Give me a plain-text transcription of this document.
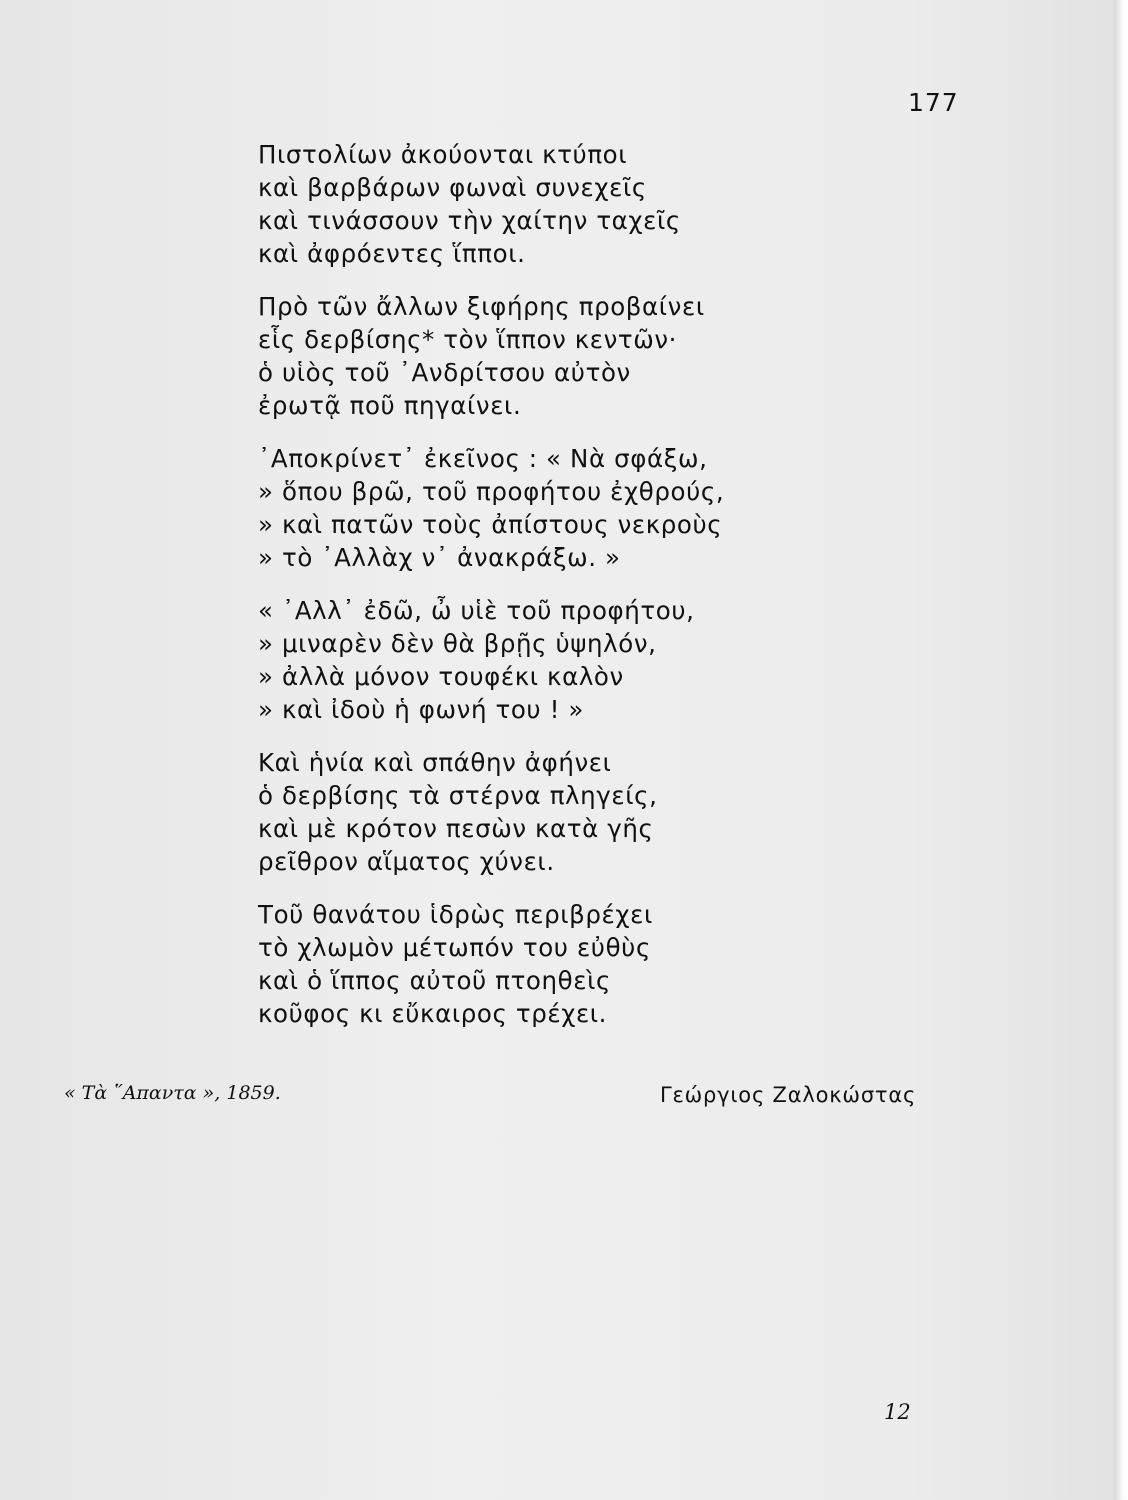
177
Πιστολίων ἀκούονται κτύποι
καὶ βαρβάρων φωναὶ συνεχεῖς
καὶ τινάσσουν τὴν χαίτην ταχεῖς
καὶ ἀφρόεντες ἵπποι.
Πρὸ τῶν ἄλλων ξιφήρης προβαίνει
εἷς δερβίσης* τὸν ἵππον κεντῶν·
ὁ υἱὸς τοῦ ᾿Ανδρίτσου αὐτὸν
ἐρωτᾷ ποῦ πηγαίνει.
᾿Αποκρίνετ᾿ ἐκεῖνος : « Νὰ σφάξω,
» ὅπου βρῶ, τοῦ προφήτου ἐχθρούς,
» καὶ πατῶν τοὺς ἀπίστους νεκροὺς
» τὸ ᾿Αλλὰχ ν᾿ ἀνακράξω. »
« ᾿Αλλ᾿ ἐδῶ, ὦ υἱὲ τοῦ προφήτου,
» μιναρὲν δὲν θὰ βρῇς ὑψηλόν,
» ἀλλὰ μόνον τουφέκι καλὸν
» καὶ ἰδοὺ ἡ φωνή του ! »
Καὶ ἡνία καὶ σπάθην ἀφήνει
ὁ δερβίσης τὰ στέρνα πληγείς,
καὶ μὲ κρότον πεσὼν κατὰ γῆς
ρεῖθρον αἵματος χύνει.
Τοῦ θανάτου ἱδρὼς περιβρέχει
τὸ χλωμὸν μέτωπόν του εὐθὺς
καὶ ὁ ἵππος αὐτοῦ πτοηθεὶς
κοῦφος κι εὔκαιρος τρέχει.
« Τὰ ῞Απαντα », 1859.	Γεώργιος Ζαλοκώστας
12
